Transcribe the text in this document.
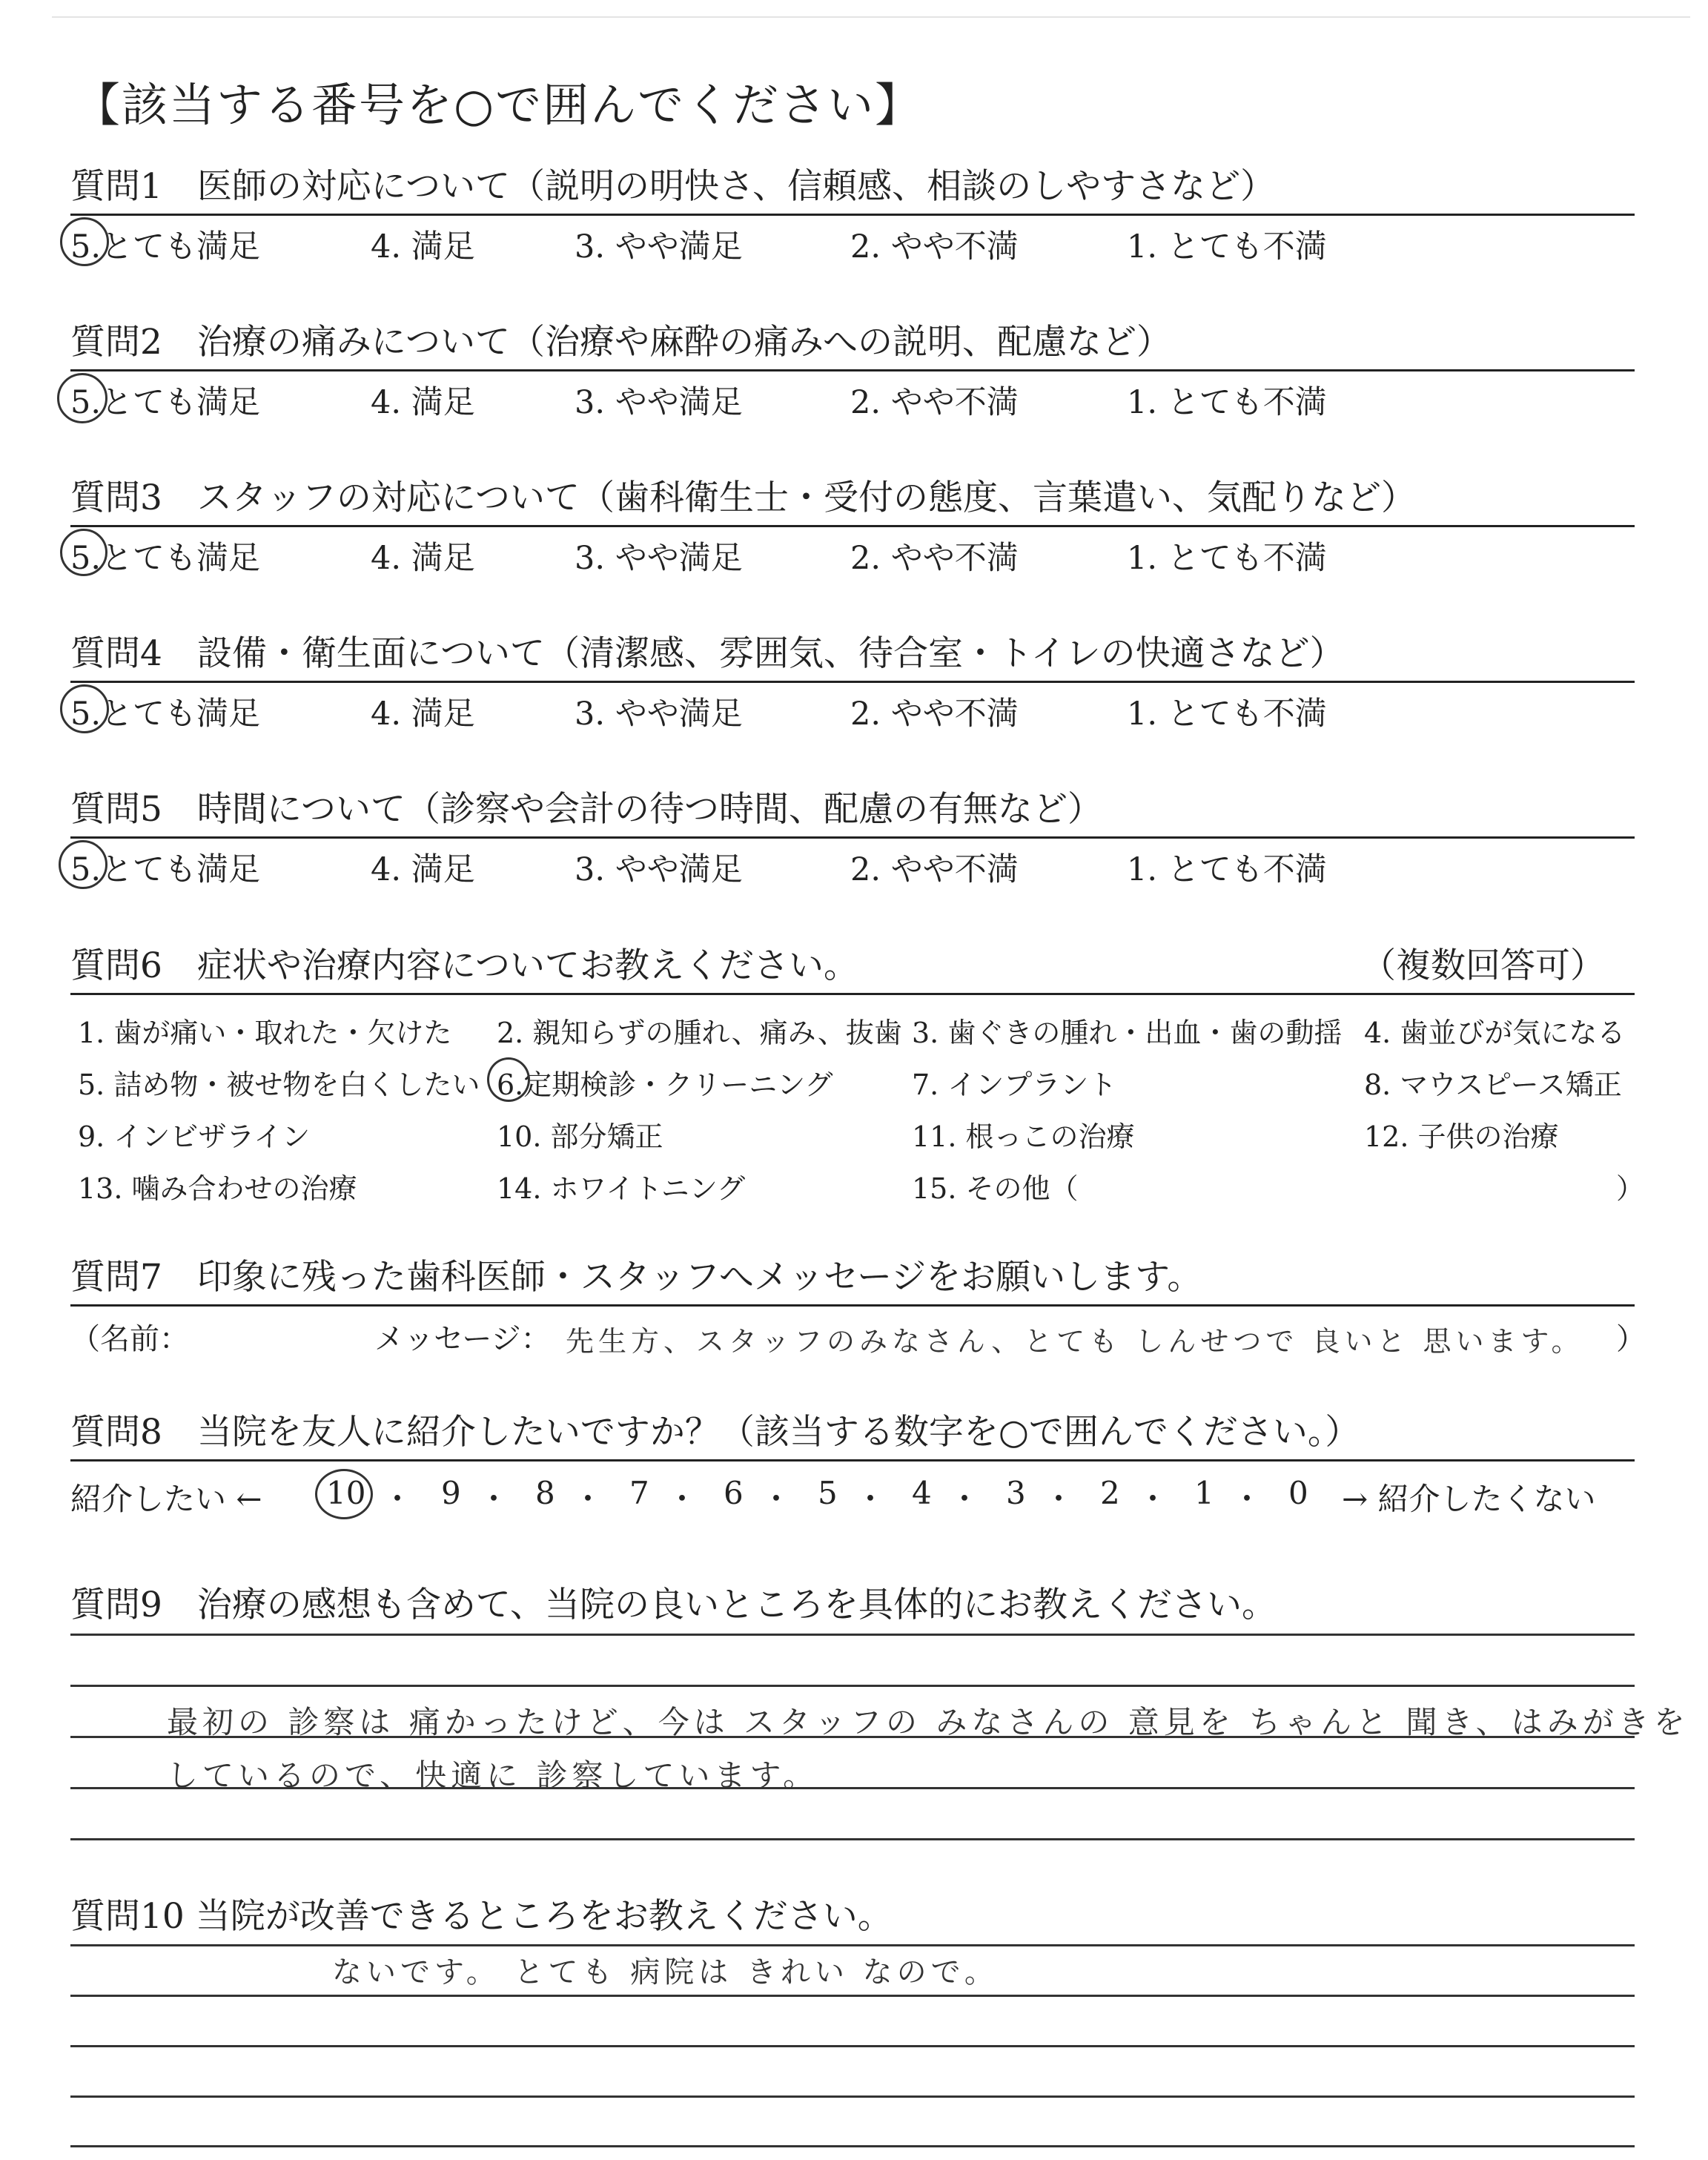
【該当する番号を○で囲んでください】
質問1　医師の対応について（説明の明快さ、信頼感、相談のしやすさなど）
5.とても満足	4. 満足	3. やや満足	2. やや不満	1. とても不満
質問2　治療の痛みについて（治療や麻酔の痛みへの説明、配慮など）
5.とても満足	4. 満足	3. やや満足	2. やや不満	1. とても不満
質問3　スタッフの対応について（歯科衛生士・受付の態度、言葉遣い、気配りなど）
5.とても満足	4. 満足	3. やや満足	2. やや不満	1. とても不満
質問4　設備・衛生面について（清潔感、雰囲気、待合室・トイレの快適さなど）
5.とても満足	4. 満足	3. やや満足	2. やや不満	1. とても不満
質問5　時間について（診察や会計の待つ時間、配慮の有無など）
5.とても満足	4. 満足	3. やや満足	2. やや不満	1. とても不満
質問6　症状や治療内容についてお教えください。	（複数回答可）
1. 歯が痛い・取れた・欠けた 2. 親知らずの腫れ、痛み、抜歯 3. 歯ぐきの腫れ・出血・歯の動揺 4. 歯並びが気になる
5. 詰め物・被せ物を白くしたい 6.定期検診・クリーニング	7. インプラント	8. マウスピース矯正
9. インビザライン	10. 部分矯正	11. 根っこの治療	12. 子供の治療
13. 噛み合わせの治療	14. ホワイトニング	15. その他（	）
質問7　印象に残った歯科医師・スタッフへメッセージをお願いします。
（名前：	メッセージ： 先生方、スタッフのみなさん、とても しんせつで 良いと 思います。 ）
質問8　当院を友人に紹介したいですか？（該当する数字を○で囲んでください。）
紹介したい ← 10 ・ 9 ・ 8 ・ 7 ・ 6 ・ 5 ・ 4 ・ 3 ・ 2 ・ 1 ・ 0 → 紹介したくない
質問9　治療の感想も含めて、当院の良いところを具体的にお教えください。
最初の 診察は 痛かったけど、今は スタッフの みなさんの 意見を ちゃんと 聞き、はみがきを
しているので、快適に 診察しています。
質問10 当院が改善できるところをお教えください。
ないです。 とても 病院は きれい なので。
